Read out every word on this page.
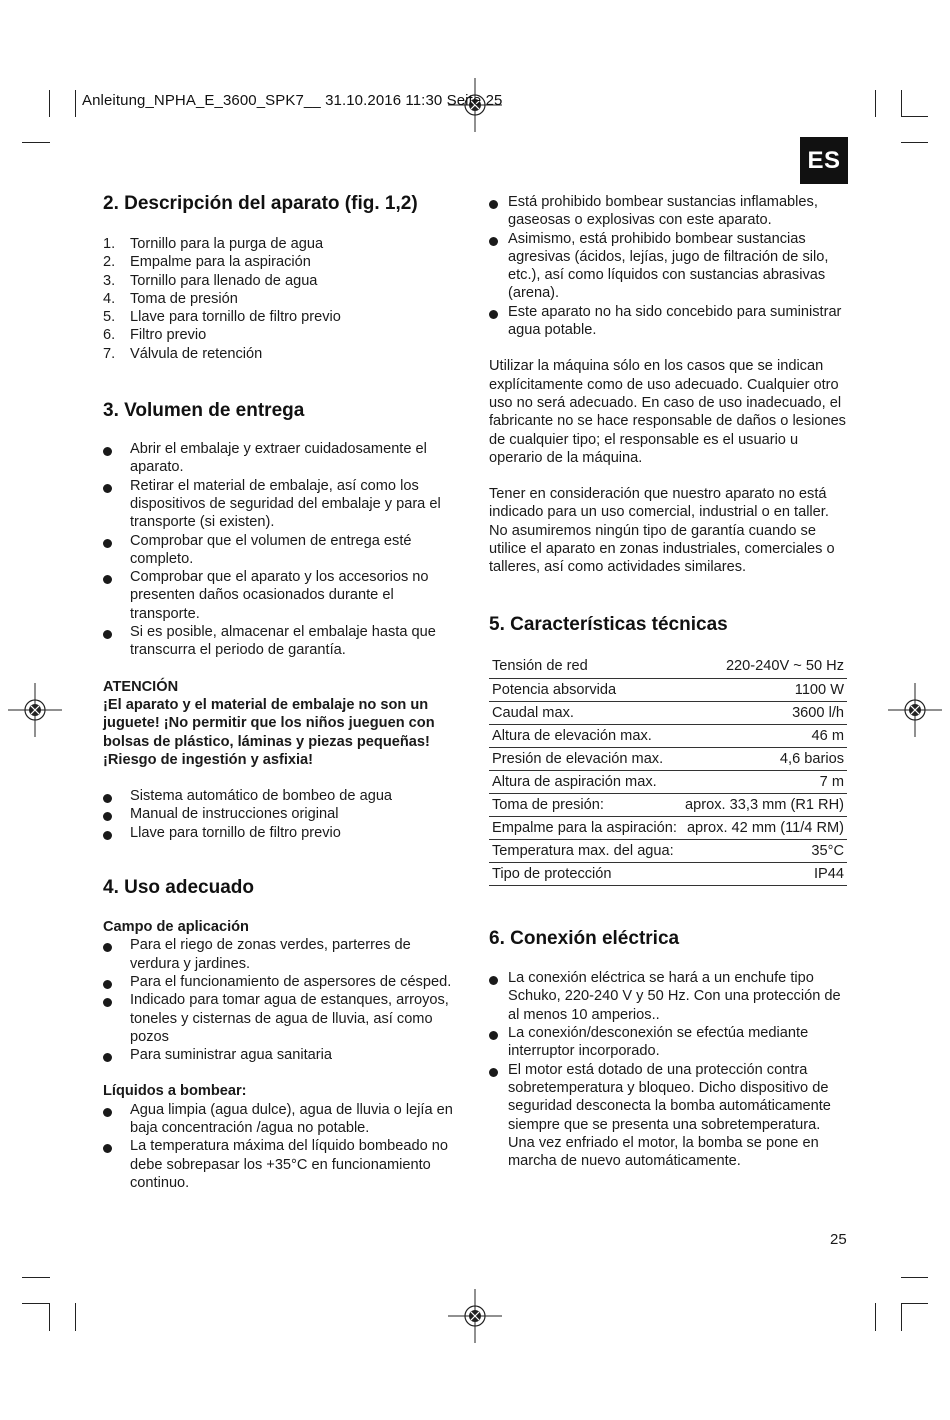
Anleitung_NPHA_E_3600_SPK7__ 31.10.2016 11:30 Seite 25
ES
2. Descripción del aparato (fig. 1,2)
1.	Tornillo para la purga de agua
2.	Empalme para la aspiración
3.	Tornillo para llenado de agua
4.	Toma de presión
5.	Llave para tornillo de filtro previo
6.	Filtro previo
7.	Válvula de retención
3. Volumen de entrega
Abrir el embalaje y extraer cuidadosamente el aparato.
Retirar el material de embalaje, así como los dispositivos de seguridad del embalaje y para el transporte (si existen).
Comprobar que el volumen de entrega esté completo.
Comprobar que el aparato y los accesorios no presenten daños ocasionados durante el transporte.
Si es posible, almacenar el embalaje hasta que transcurra el periodo de garantía.
ATENCIÓN
¡El aparato y el material de embalaje no son un juguete! ¡No permitir que los niños jueguen con bolsas de plástico, láminas y piezas pequeñas! ¡Riesgo de ingestión y asfixia!
Sistema automático de bombeo de agua
Manual de instrucciones original
Llave para tornillo de filtro previo
4. Uso adecuado
Campo de aplicación
Para el riego de zonas verdes, parterres de verdura y jardines.
Para el funcionamiento de aspersores de césped.
Indicado para tomar agua de estanques, arroyos, toneles y cisternas de agua de lluvia, así como pozos
Para suministrar agua sanitaria
Líquidos a bombear:
Agua limpia (agua dulce), agua de lluvia o lejía en baja concentración /agua no potable.
La temperatura máxima del líquido bombeado no debe sobrepasar los +35°C en funcionamiento continuo.
Está prohibido bombear sustancias inflamables, gaseosas o explosivas con este aparato.
Asimismo, está prohibido bombear sustancias agresivas (ácidos, lejías, jugo de filtración de silo, etc.), así como líquidos con sustancias abrasivas (arena).
Este aparato no ha sido concebido para suministrar agua potable.
Utilizar la máquina sólo en los casos que se indican explícitamente como de uso adecuado. Cualquier otro uso no será adecuado. En caso de uso inadecuado, el fabricante no se hace responsable de daños o lesiones de cualquier tipo; el responsable es el usuario u operario de la máquina.
Tener en consideración que nuestro aparato no está indicado para un uso comercial, industrial o en taller. No asumiremos ningún tipo de garantía cuando se utilice el aparato en zonas industriales, comerciales o talleres, así como actividades similares.
5. Características técnicas
Tensión de red	220-240V ~ 50 Hz
Potencia absorvida	1100 W
Caudal max.	3600 l/h
Altura de elevación max.	46 m
Presión de elevación max.	4,6 barios
Altura de aspiración max.	7 m
Toma de presión:	aprox. 33,3 mm (R1 RH)
Empalme para la aspiración:	aprox. 42 mm (11/4 RM)
Temperatura max. del agua:	35°C
Tipo de protección	IP44
6. Conexión eléctrica
La conexión eléctrica se hará a un enchufe tipo Schuko, 220-240 V y 50 Hz. Con una protección de al menos 10 amperios..
La conexión/desconexión se efectúa mediante interruptor incorporado.
El motor está dotado de una protección contra sobretemperatura y bloqueo. Dicho dispositivo de seguridad desconecta la bomba automáticamente siempre que se presenta una sobretemperatura. Una vez enfriado el motor, la bomba se pone en marcha de nuevo automáticamente.
25
